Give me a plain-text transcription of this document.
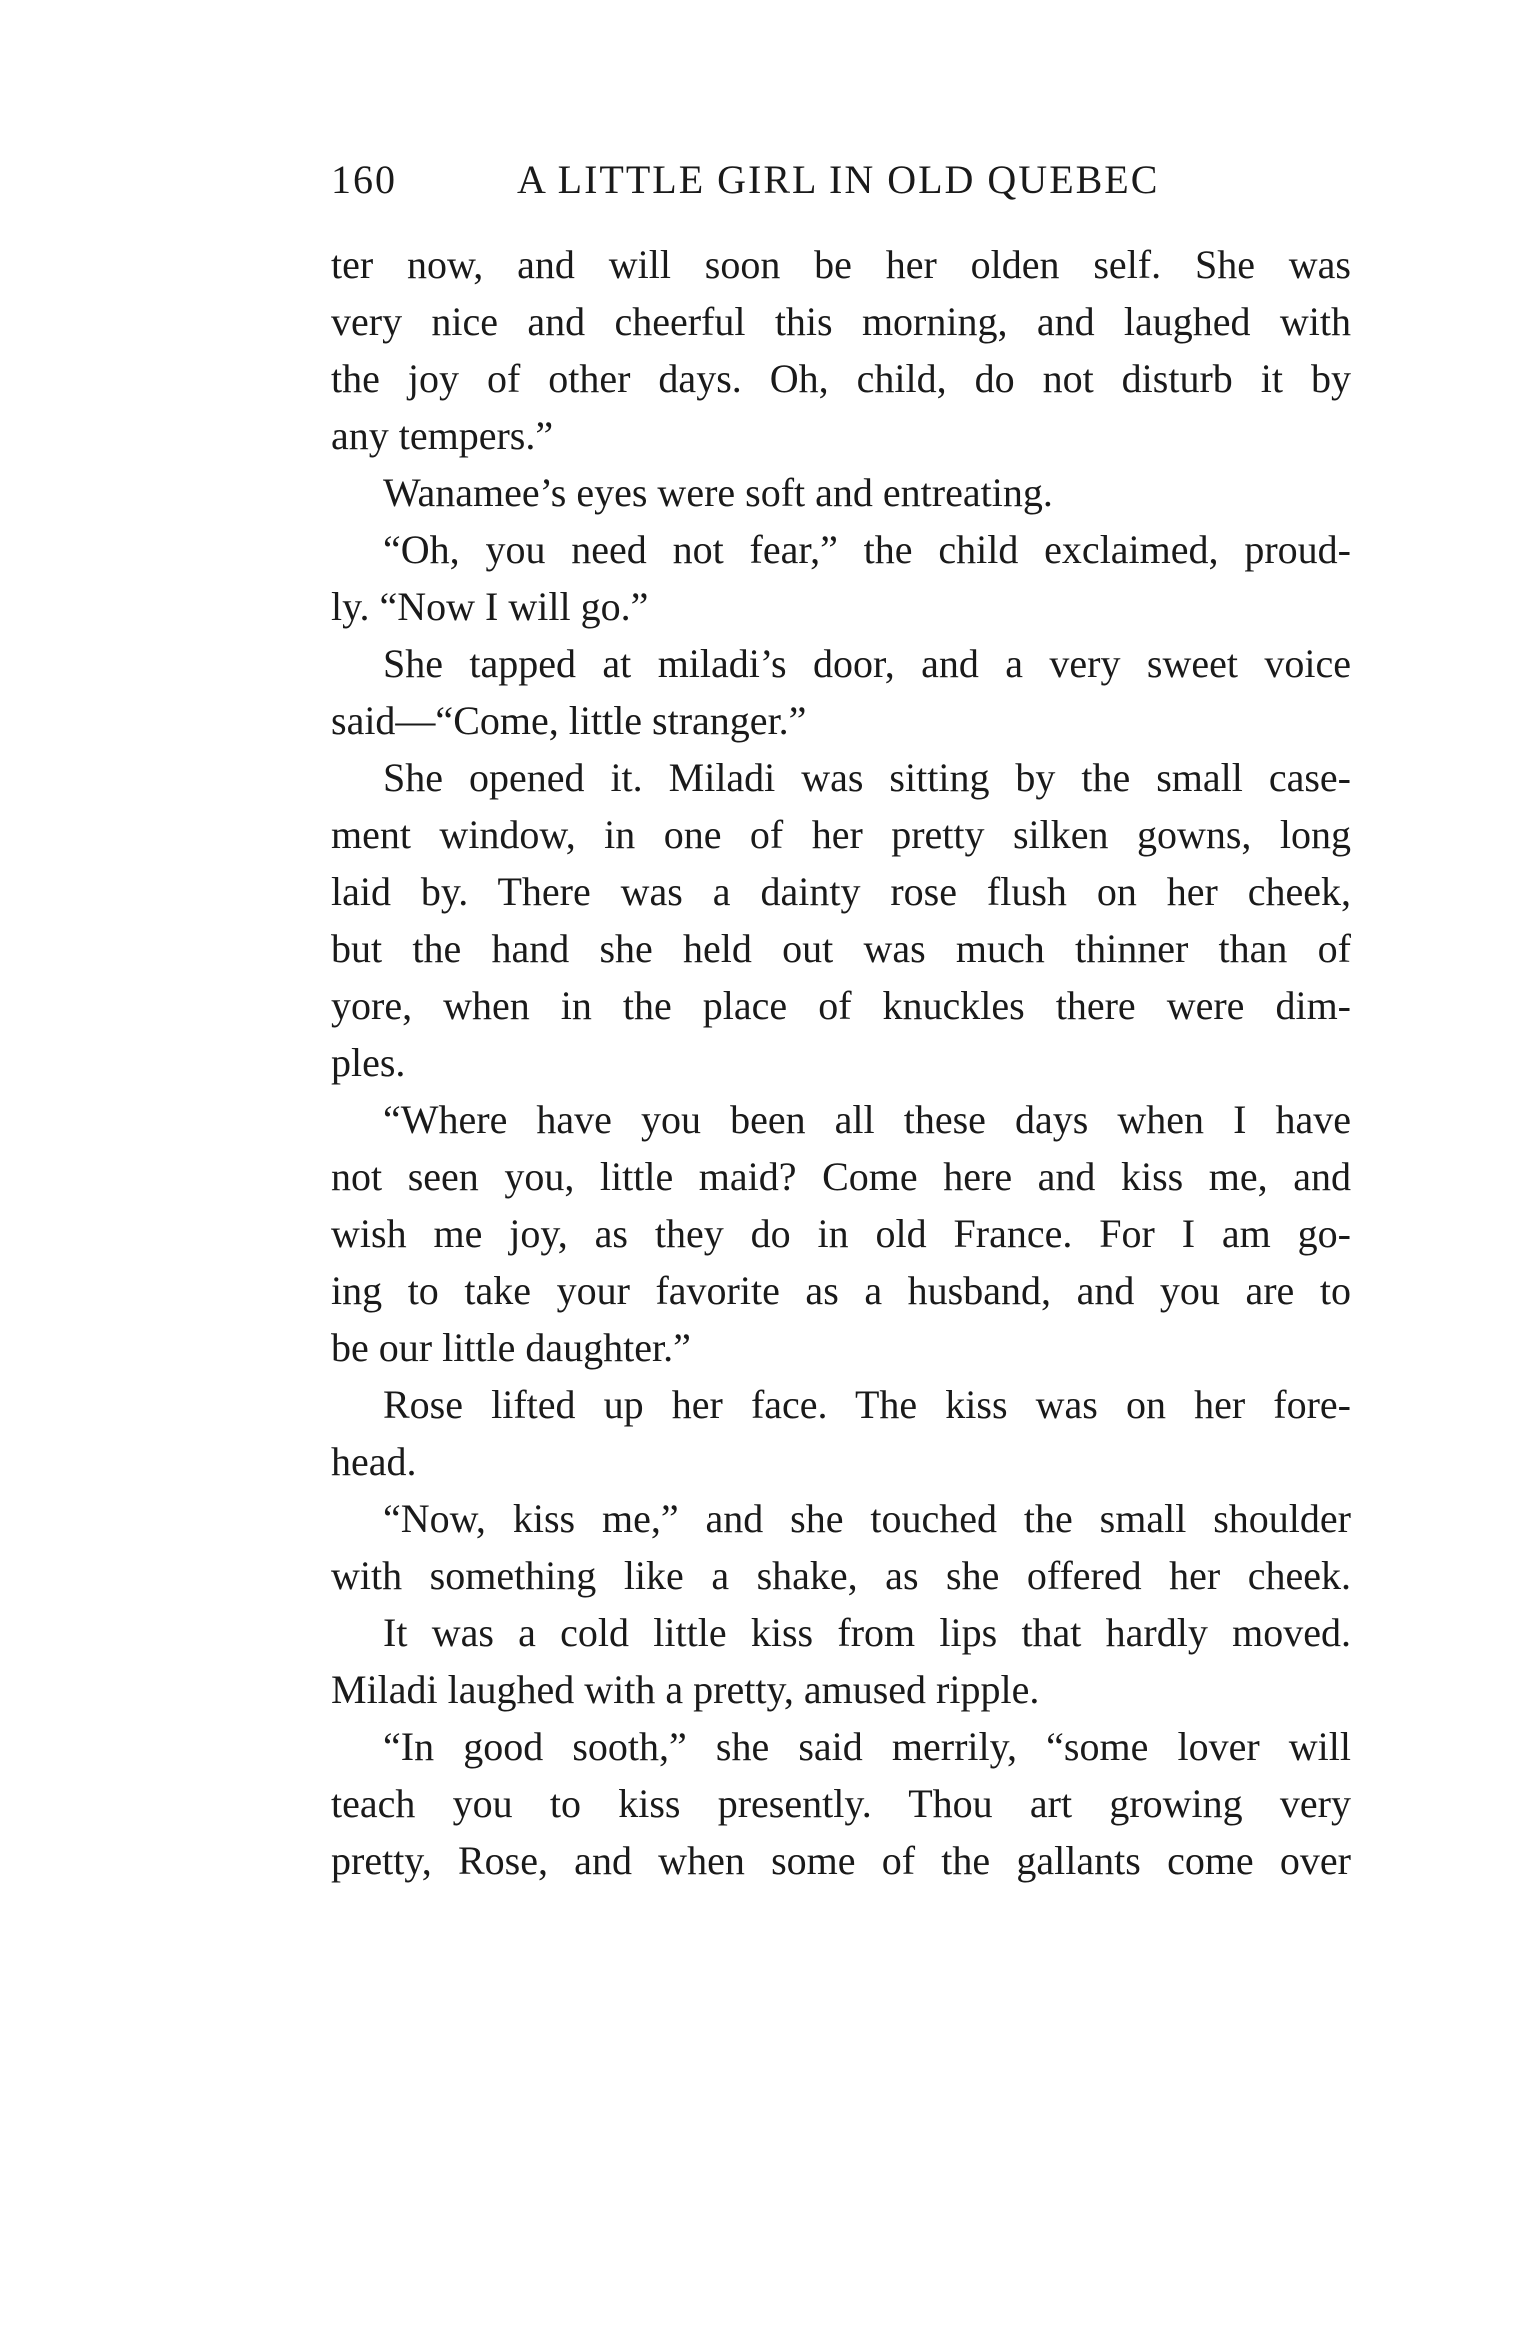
160	A LITTLE GIRL IN OLD QUEBEC
ter now, and will soon be her olden self. She was
very nice and cheerful this morning, and laughed with
the joy of other days. Oh, child, do not disturb it by
any tempers.”
Wanamee’s eyes were soft and entreating.
“Oh, you need not fear,” the child exclaimed, proud-
ly. “Now I will go.”
She tapped at miladi’s door, and a very sweet voice
said—“Come, little stranger.”
She opened it. Miladi was sitting by the small case-
ment window, in one of her pretty silken gowns, long
laid by. There was a dainty rose flush on her cheek,
but the hand she held out was much thinner than of
yore, when in the place of knuckles there were dim-
ples.
“Where have you been all these days when I have
not seen you, little maid? Come here and kiss me, and
wish me joy, as they do in old France. For I am go-
ing to take your favorite as a husband, and you are to
be our little daughter.”
Rose lifted up her face. The kiss was on her fore-
head.
“Now, kiss me,” and she touched the small shoulder
with something like a shake, as she offered her cheek.
It was a cold little kiss from lips that hardly moved.
Miladi laughed with a pretty, amused ripple.
“In good sooth,” she said merrily, “some lover will
teach you to kiss presently. Thou art growing very
pretty, Rose, and when some of the gallants come over
